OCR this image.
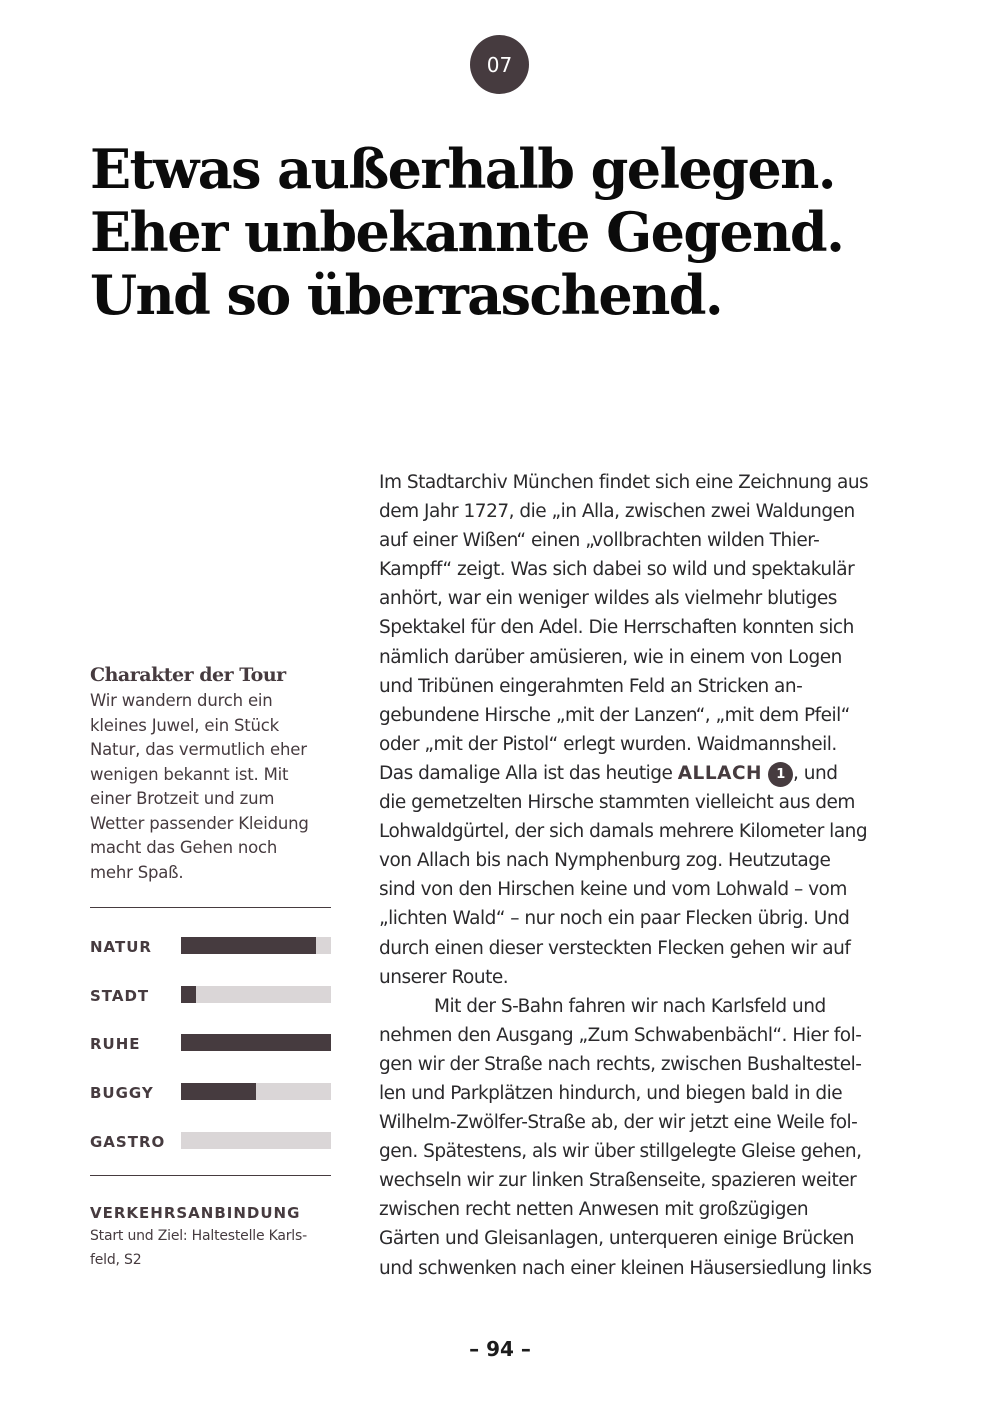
07
Etwas außerhalb gelegen.
Eher unbekannte Gegend.
Und so überraschend.
Charakter der Tour
Wir wandern durch ein
kleines Juwel, ein Stück
Natur, das vermutlich eher
wenigen bekannt ist. Mit
einer Brotzeit und zum
Wetter passender Kleidung
macht das Gehen noch
mehr Spaß.
NATUR
STADT
RUHE
BUGGY
GASTRO
VERKEHRSANBINDUNG
Start und Ziel: Haltestelle Karls-
feld, S2
Im Stadtarchiv München findet sich eine Zeichnung aus
dem Jahr 1727, die „in Alla, zwischen zwei Waldungen
auf einer Wißen“ einen „vollbrachten wilden Thier-
Kampff“ zeigt. Was sich dabei so wild und spektakulär
anhört, war ein weniger wildes als vielmehr blutiges
Spektakel für den Adel. Die Herrschaften konnten sich
nämlich darüber amüsieren, wie in einem von Logen
und Tribünen eingerahmten Feld an Stricken an-
gebundene Hirsche „mit der Lanzen“, „mit dem Pfeil“
oder „mit der Pistol“ erlegt wurden. Waidmannsheil.
Das damalige Alla ist das heutige ALLACH 1 , und
die gemetzelten Hirsche stammten vielleicht aus dem
Lohwaldgürtel, der sich damals mehrere Kilometer lang
von Allach bis nach Nymphenburg zog. Heutzutage
sind von den Hirschen keine und vom Lohwald – vom
„lichten Wald“ – nur noch ein paar Flecken übrig. Und
durch einen dieser versteckten Flecken gehen wir auf
unserer Route.
Mit der S-Bahn fahren wir nach Karlsfeld und
nehmen den Ausgang „Zum Schwabenbächl“. Hier fol-
gen wir der Straße nach rechts, zwischen Bushaltestel-
len und Parkplätzen hindurch, und biegen bald in die
Wilhelm-Zwölfer-Straße ab, der wir jetzt eine Weile fol-
gen. Spätestens, als wir über stillgelegte Gleise gehen,
wechseln wir zur linken Straßenseite, spazieren weiter
zwischen recht netten Anwesen mit großzügigen
Gärten und Gleisanlagen, unterqueren einige Brücken
und schwenken nach einer kleinen Häusersiedlung links
– 94 –
